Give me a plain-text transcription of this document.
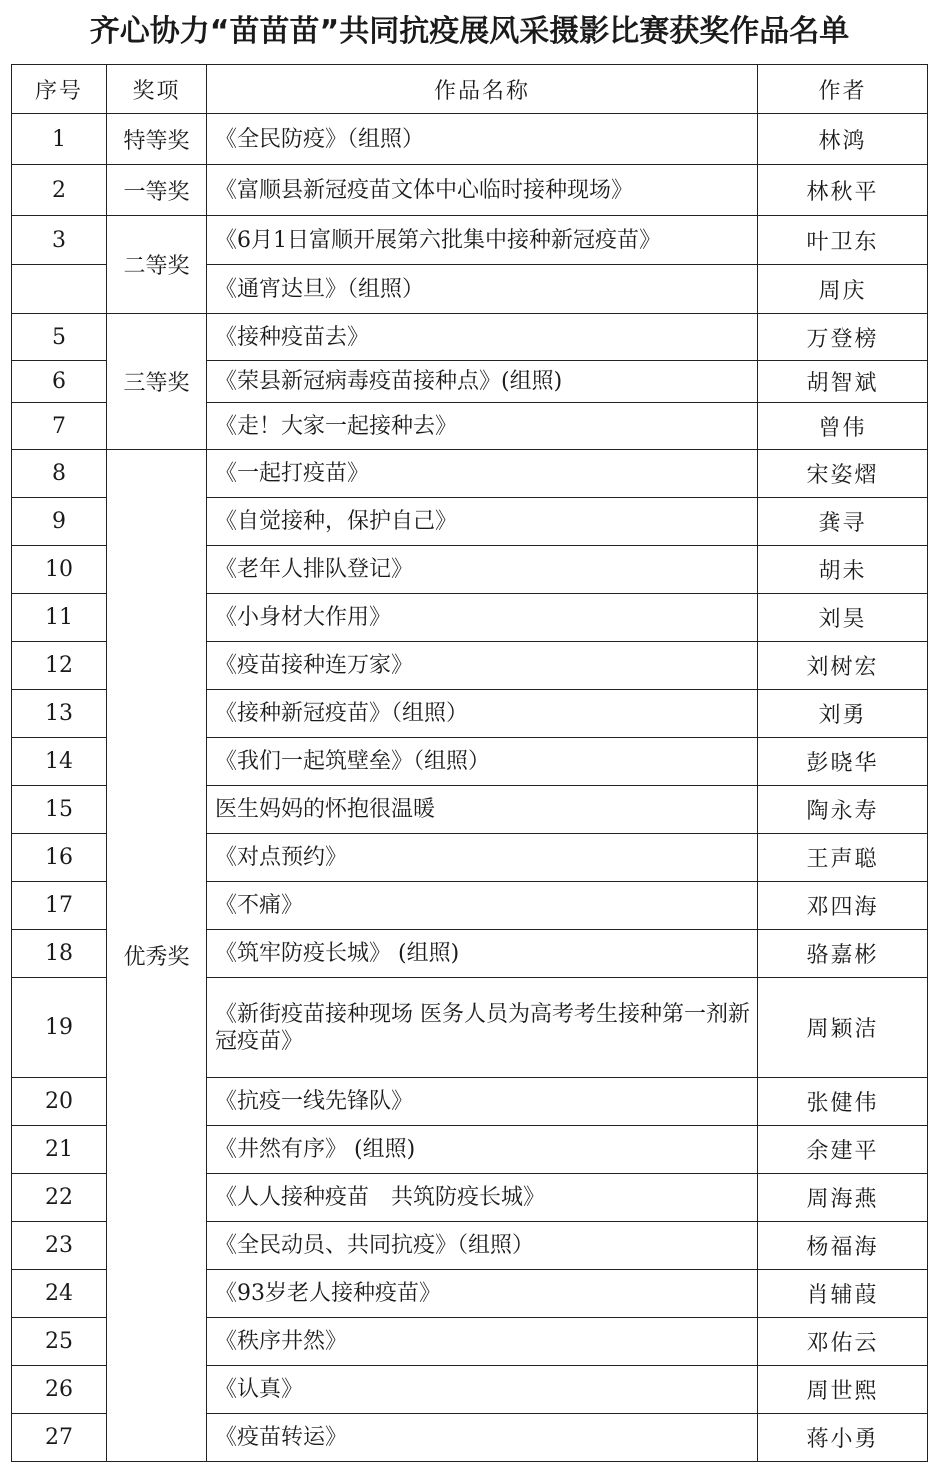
齐心协力“苗苗苗”共同抗疫展风采摄影比赛获奖作品名单
序号	奖项	作品名称	作者
1	特等奖	《全民防疫》（组照）	林鸿
2	一等奖	《富顺县新冠疫苗文体中心临时接种现场》	林秋平
3	二等奖	《6月1日富顺开展第六批集中接种新冠疫苗》	叶卫东
		《通宵达旦》（组照）	周庆
5	三等奖	《接种疫苗去》	万登榜
6		《荣县新冠病毒疫苗接种点》(组照)	胡智斌
7		《走！大家一起接种去》	曾伟
8	优秀奖	《一起打疫苗》	宋姿熠
9		《自觉接种，保护自己》	龚寻
10		《老年人排队登记》	胡未
11		《小身材大作用》	刘昊
12		《疫苗接种连万家》	刘树宏
13		《接种新冠疫苗》（组照）	刘勇
14		《我们一起筑壁垒》（组照）	彭晓华
15		医生妈妈的怀抱很温暖	陶永寿
16		《对点预约》	王声聪
17		《不痛》	邓四海
18		《筑牢防疫长城》 (组照)	骆嘉彬
19		《新街疫苗接种现场 医务人员为高考考生接种第一剂新冠疫苗》	周颖洁
20		《抗疫一线先锋队》	张健伟
21		《井然有序》 (组照)	余建平
22		《人人接种疫苗　共筑防疫长城》	周海燕
23		《全民动员、共同抗疫》（组照）	杨福海
24		《93岁老人接种疫苗》	肖辅葭
25		《秩序井然》	邓佑云
26		《认真》	周世熙
27		《疫苗转运》	蒋小勇
